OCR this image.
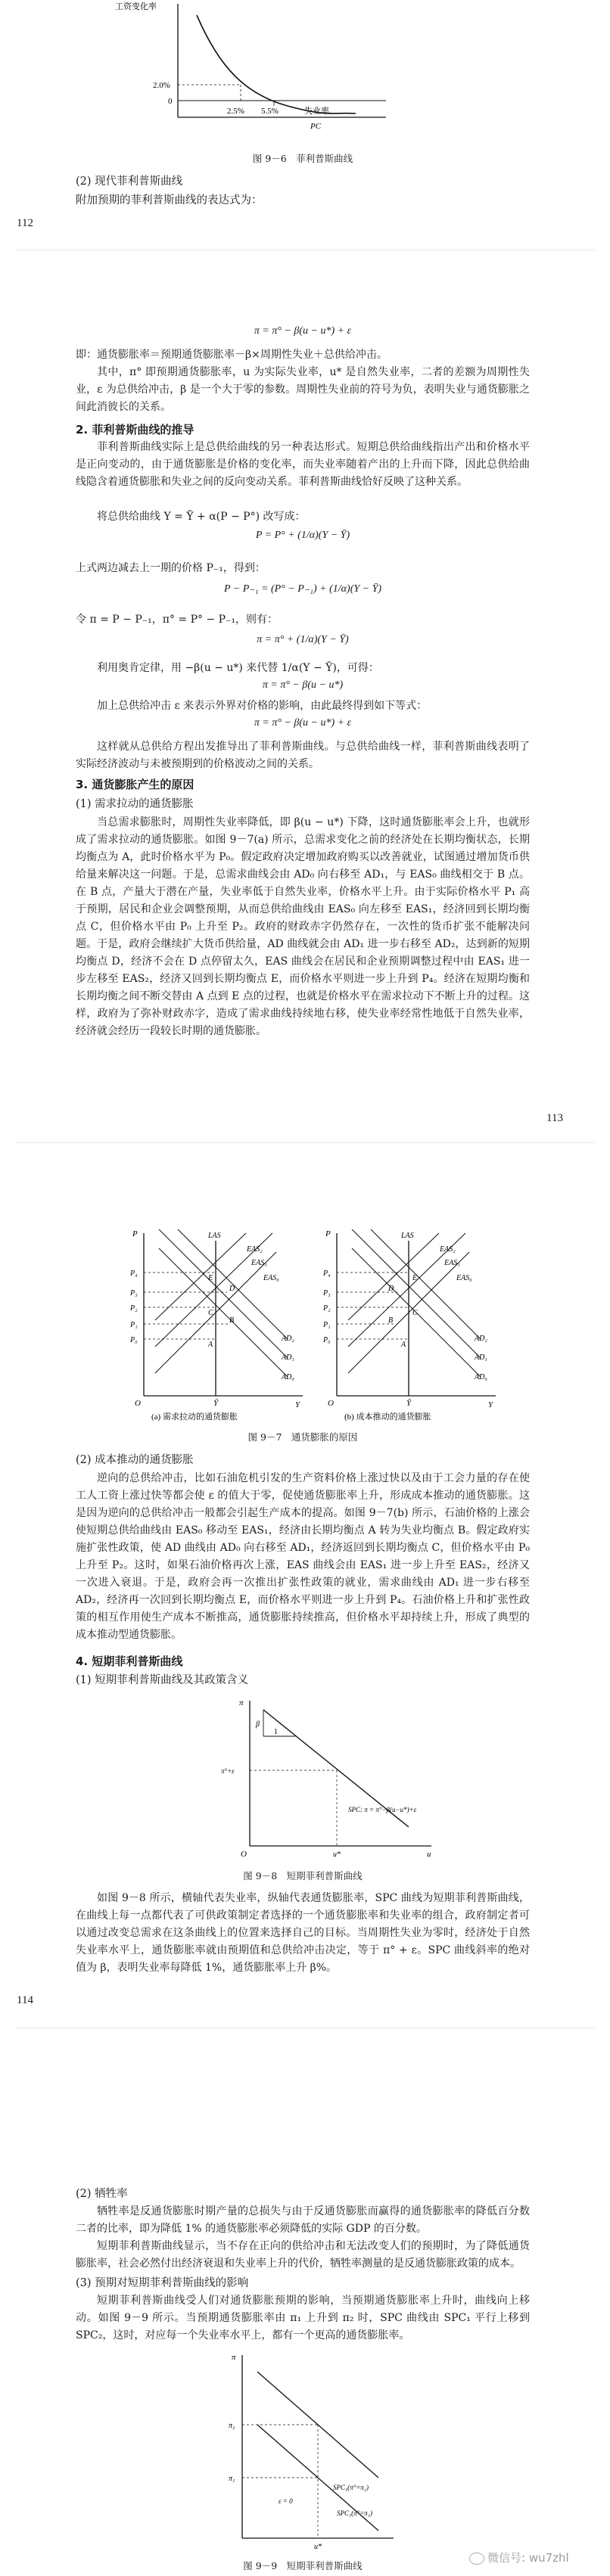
工资变化率
0
2.0%
2.5% 5.5%	失业率
PC
图 9－6　菲利普斯曲线
(2) 现代菲利普斯曲线
附加预期的菲利普斯曲线的表达式为：
112
π = π° − β(u − u*) + ε
即：通货膨胀率＝预期通货膨胀率－β×周期性失业＋总供给冲击。
其中，π° 即预期通货膨胀率，u 为实际失业率，u* 是自然失业率，二者的差额为周期性失业，ε 为总供给冲击，β 是一个大于零的参数。周期性失业前的符号为负，表明失业与通货膨胀之间此消彼长的关系。
2. 菲利普斯曲线的推导
菲利普斯曲线实际上是总供给曲线的另一种表达形式。短期总供给曲线指出产出和价格水平是正向变动的，由于通货膨胀是价格的变化率，而失业率随着产出的上升而下降，因此总供给曲线隐含着通货膨胀和失业之间的反向变动关系。菲利普斯曲线恰好反映了这种关系。
将总供给曲线 Y = Ȳ + α(P − P°) 改写成：
P = P° + (1/α)(Y − Ȳ)
上式两边减去上一期的价格 P₋₁，得到：
P − P₋₁ = (P° − P₋₁) + (1/α)(Y − Ȳ)
令 π = P − P₋₁，π° = P° − P₋₁，则有：
π = π° + (1/α)(Y − Ȳ)
利用奥肯定律，用 −β(u − u*) 来代替 1/α(Y − Ȳ)，可得：
π = π° − β(u − u*)
加上总供给冲击 ε 来表示外界对价格的影响，由此最终得到如下等式：
π = π° − β(u − u*) + ε
这样就从总供给方程出发推导出了菲利普斯曲线。与总供给曲线一样，菲利普斯曲线表明了实际经济波动与未被预期到的价格波动之间的关系。
3. 通货膨胀产生的原因
(1) 需求拉动的通货膨胀
当总需求膨胀时，周期性失业率降低，即 β(u − u*) 下降，这时通货膨胀率会上升，也就形成了需求拉动的通货膨胀。如图 9－7(a) 所示，总需求变化之前的经济处在长期均衡状态，长期均衡点为 A，此时价格水平为 P₀。假定政府决定增加政府购买以改善就业，试图通过增加货币供给量来解决这一问题。于是，总需求曲线会由 AD₀ 向右移至 AD₁，与 EAS₀ 曲线相交于 B 点。在 B 点，产量大于潜在产量，失业率低于自然失业率，价格水平上升。由于实际价格水平 P₁ 高于预期，居民和企业会调整预期，从而总供给曲线由 EAS₀ 向左移至 EAS₁，经济回到长期均衡点 C，但价格水平由 P₀ 上升至 P₂。政府的财政赤字仍然存在，一次性的货币扩张不能解决问题。于是，政府会继续扩大货币供给量，AD 曲线就会由 AD₁ 进一步右移至 AD₂，达到新的短期均衡点 D，经济不会在 D 点停留太久，EAS 曲线会在居民和企业预期调整过程中由 EAS₁ 进一步左移至 EAS₂，经济又回到长期均衡点 E，而价格水平则进一步上升到 P₄。经济在短期均衡和长期均衡之间不断交替由 A 点到 E 点的过程，也就是价格水平在需求拉动下不断上升的过程。这样，政府为了弥补财政赤字，造成了需求曲线持续地右移，使失业率经常性地低于自然失业率，经济就会经历一段较长时期的通货膨胀。
113
P
Y
O
LAS
Ȳ
P₄
P₃
P₂
P₁
P₀
EAS₂
EAS₁
EAS₀
AD₂
AD₁
AD₀
A
B
C
D
E
P
Y
O
LAS
Ȳ
P₄
P₃
P₂
P₁
P₀
EAS₂
EAS₁
EAS₀
AD₂
AD₁
AD₀
A
B
C
D
E
(a) 需求拉动的通货膨胀	(b) 成本推动的通货膨胀
图 9－7　通货膨胀的原因
(2) 成本推动的通货膨胀
逆向的总供给冲击，比如石油危机引发的生产资料价格上涨过快以及由于工会力量的存在使工人工资上涨过快等都会使 ε 的值大于零，促使通货膨胀率上升，形成成本推动的通货膨胀。这是因为逆向的总供给冲击一般都会引起生产成本的提高。如图 9－7(b) 所示，石油价格的上涨会使短期总供给曲线由 EAS₀ 移动至 EAS₁，经济由长期均衡点 A 转为失业均衡点 B。假定政府实施扩张性政策，使 AD 曲线由 AD₀ 向右移至 AD₁，经济返回到长期均衡点 C，但价格水平由 P₀ 上升至 P₂。这时，如果石油价格再次上涨，EAS 曲线会由 EAS₁ 进一步上升至 EAS₂，经济又一次进入衰退。于是，政府会再一次推出扩张性政策的就业，需求曲线由 AD₁ 进一步右移至 AD₂，经济再一次回到长期均衡点 E，而价格水平则进一步上升到 P₄。石油价格上升和扩张性政策的相互作用使生产成本不断推高，通货膨胀持续推高，但价格水平却持续上升，形成了典型的成本推动型通货膨胀。
4. 短期菲利普斯曲线
(1) 短期菲利普斯曲线及其政策含义
π
u
O
β
1
π°+ε
u*
SPC: π = π°−β(u−u*)+ε
图 9－8　短期菲利普斯曲线
如图 9－8 所示，横轴代表失业率，纵轴代表通货膨胀率，SPC 曲线为短期菲利普斯曲线，在曲线上每一点都代表了可供政策制定者选择的一个通货膨胀率和失业率的组合，政府制定者可以通过改变总需求在这条曲线上的位置来选择自己的目标。当周期性失业为零时，经济处于自然失业率水平上，通货膨胀率就由预期值和总供给冲击决定，等于 π° + ε。SPC 曲线斜率的绝对值为 β，表明失业率每降低 1%，通货膨胀率上升 β%。
114
(2) 牺牲率
牺牲率是反通货膨胀时期产量的总损失与由于反通货膨胀而赢得的通货膨胀率的降低百分数二者的比率，即为降低 1% 的通货膨胀率必须降低的实际 GDP 的百分数。
短期菲利普斯曲线显示，当不存在正向的供给冲击和无法改变人们的预期时，为了降低通货膨胀率，社会必然付出经济衰退和失业率上升的代价，牺牲率测量的是反通货膨胀政策的成本。
(3) 预期对短期菲利普斯曲线的影响
短期菲利普斯曲线受人们对通货膨胀预期的影响，当预期通货膨胀率上升时，曲线向上移动。如图 9－9 所示。当预期通货膨胀率由 π₁ 上升到 π₂ 时，SPC 曲线由 SPC₁ 平行上移到 SPC₂，这时，对应每一个失业率水平上，都有一个更高的通货膨胀率。
π
π₂
π₁
u*
SPC₁(π°=π₂)
SPC₁(π°=π₁)
ε = 0
图 9－9　短期菲利普斯曲线
微信号: wu7zhl
